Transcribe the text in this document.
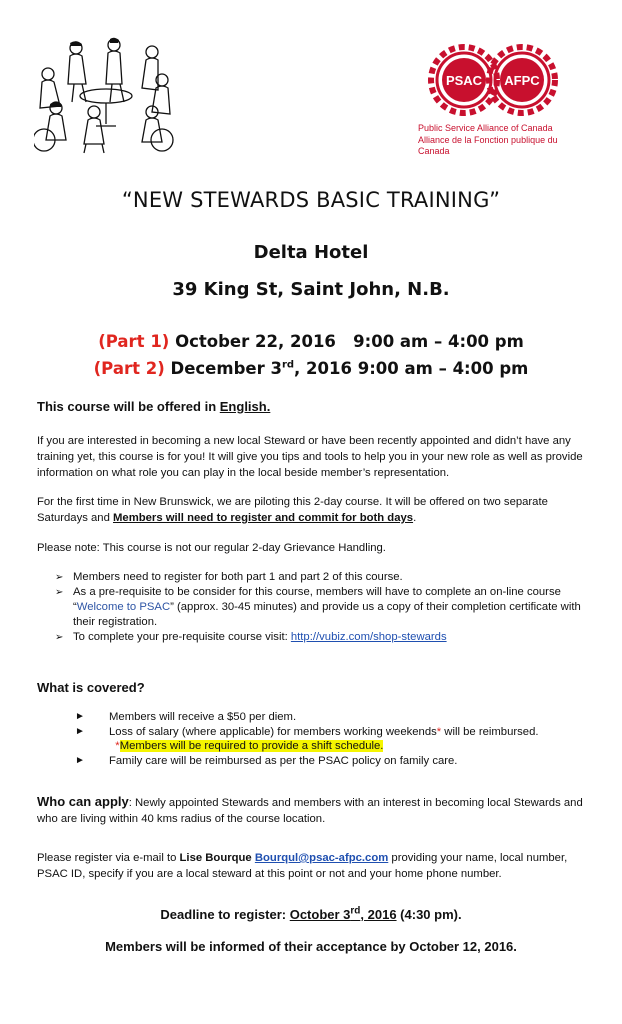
PSAC AFPC
Public Service Alliance of Canada
Alliance de la Fonction publique du Canada
“NEW STEWARDS BASIC TRAINING”
Delta Hotel
39 King St, Saint John, N.B.
(Part 1) October 22, 2016 9:00 am – 4:00 pm
(Part 2) December 3rd, 2016 9:00 am – 4:00 pm
This course will be offered in English.
If you are interested in becoming a new local Steward or have been recently appointed and didn’t have any training yet, this course is for you! It will give you tips and tools to help you in your new role as well as provide information on what role you can play in the local beside member’s representation.
For the first time in New Brunswick, we are piloting this 2-day course. It will be offered on two separate Saturdays and Members will need to register and commit for both days.
Please note: This course is not our regular 2-day Grievance Handling.
➢ Members need to register for both part 1 and part 2 of this course.
➢ As a pre-requisite to be consider for this course, members will have to complete an on-line course “Welcome to PSAC” (approx. 30-45 minutes) and provide us a copy of their completion certificate with their registration.
➢ To complete your pre-requisite course visit: http://vubiz.com/shop-stewards
What is covered?
► Members will receive a $50 per diem.
► Loss of salary (where applicable) for members working weekends* will be reimbursed.
*Members will be required to provide a shift schedule.
► Family care will be reimbursed as per the PSAC policy on family care.
Who can apply: Newly appointed Stewards and members with an interest in becoming local Stewards and who are living within 40 kms radius of the course location.
Please register via e-mail to Lise Bourque Bourqul@psac-afpc.com providing your name, local number, PSAC ID, specify if you are a local steward at this point or not and your home phone number.
Deadline to register: October 3rd, 2016 (4:30 pm).
Members will be informed of their acceptance by October 12, 2016.
